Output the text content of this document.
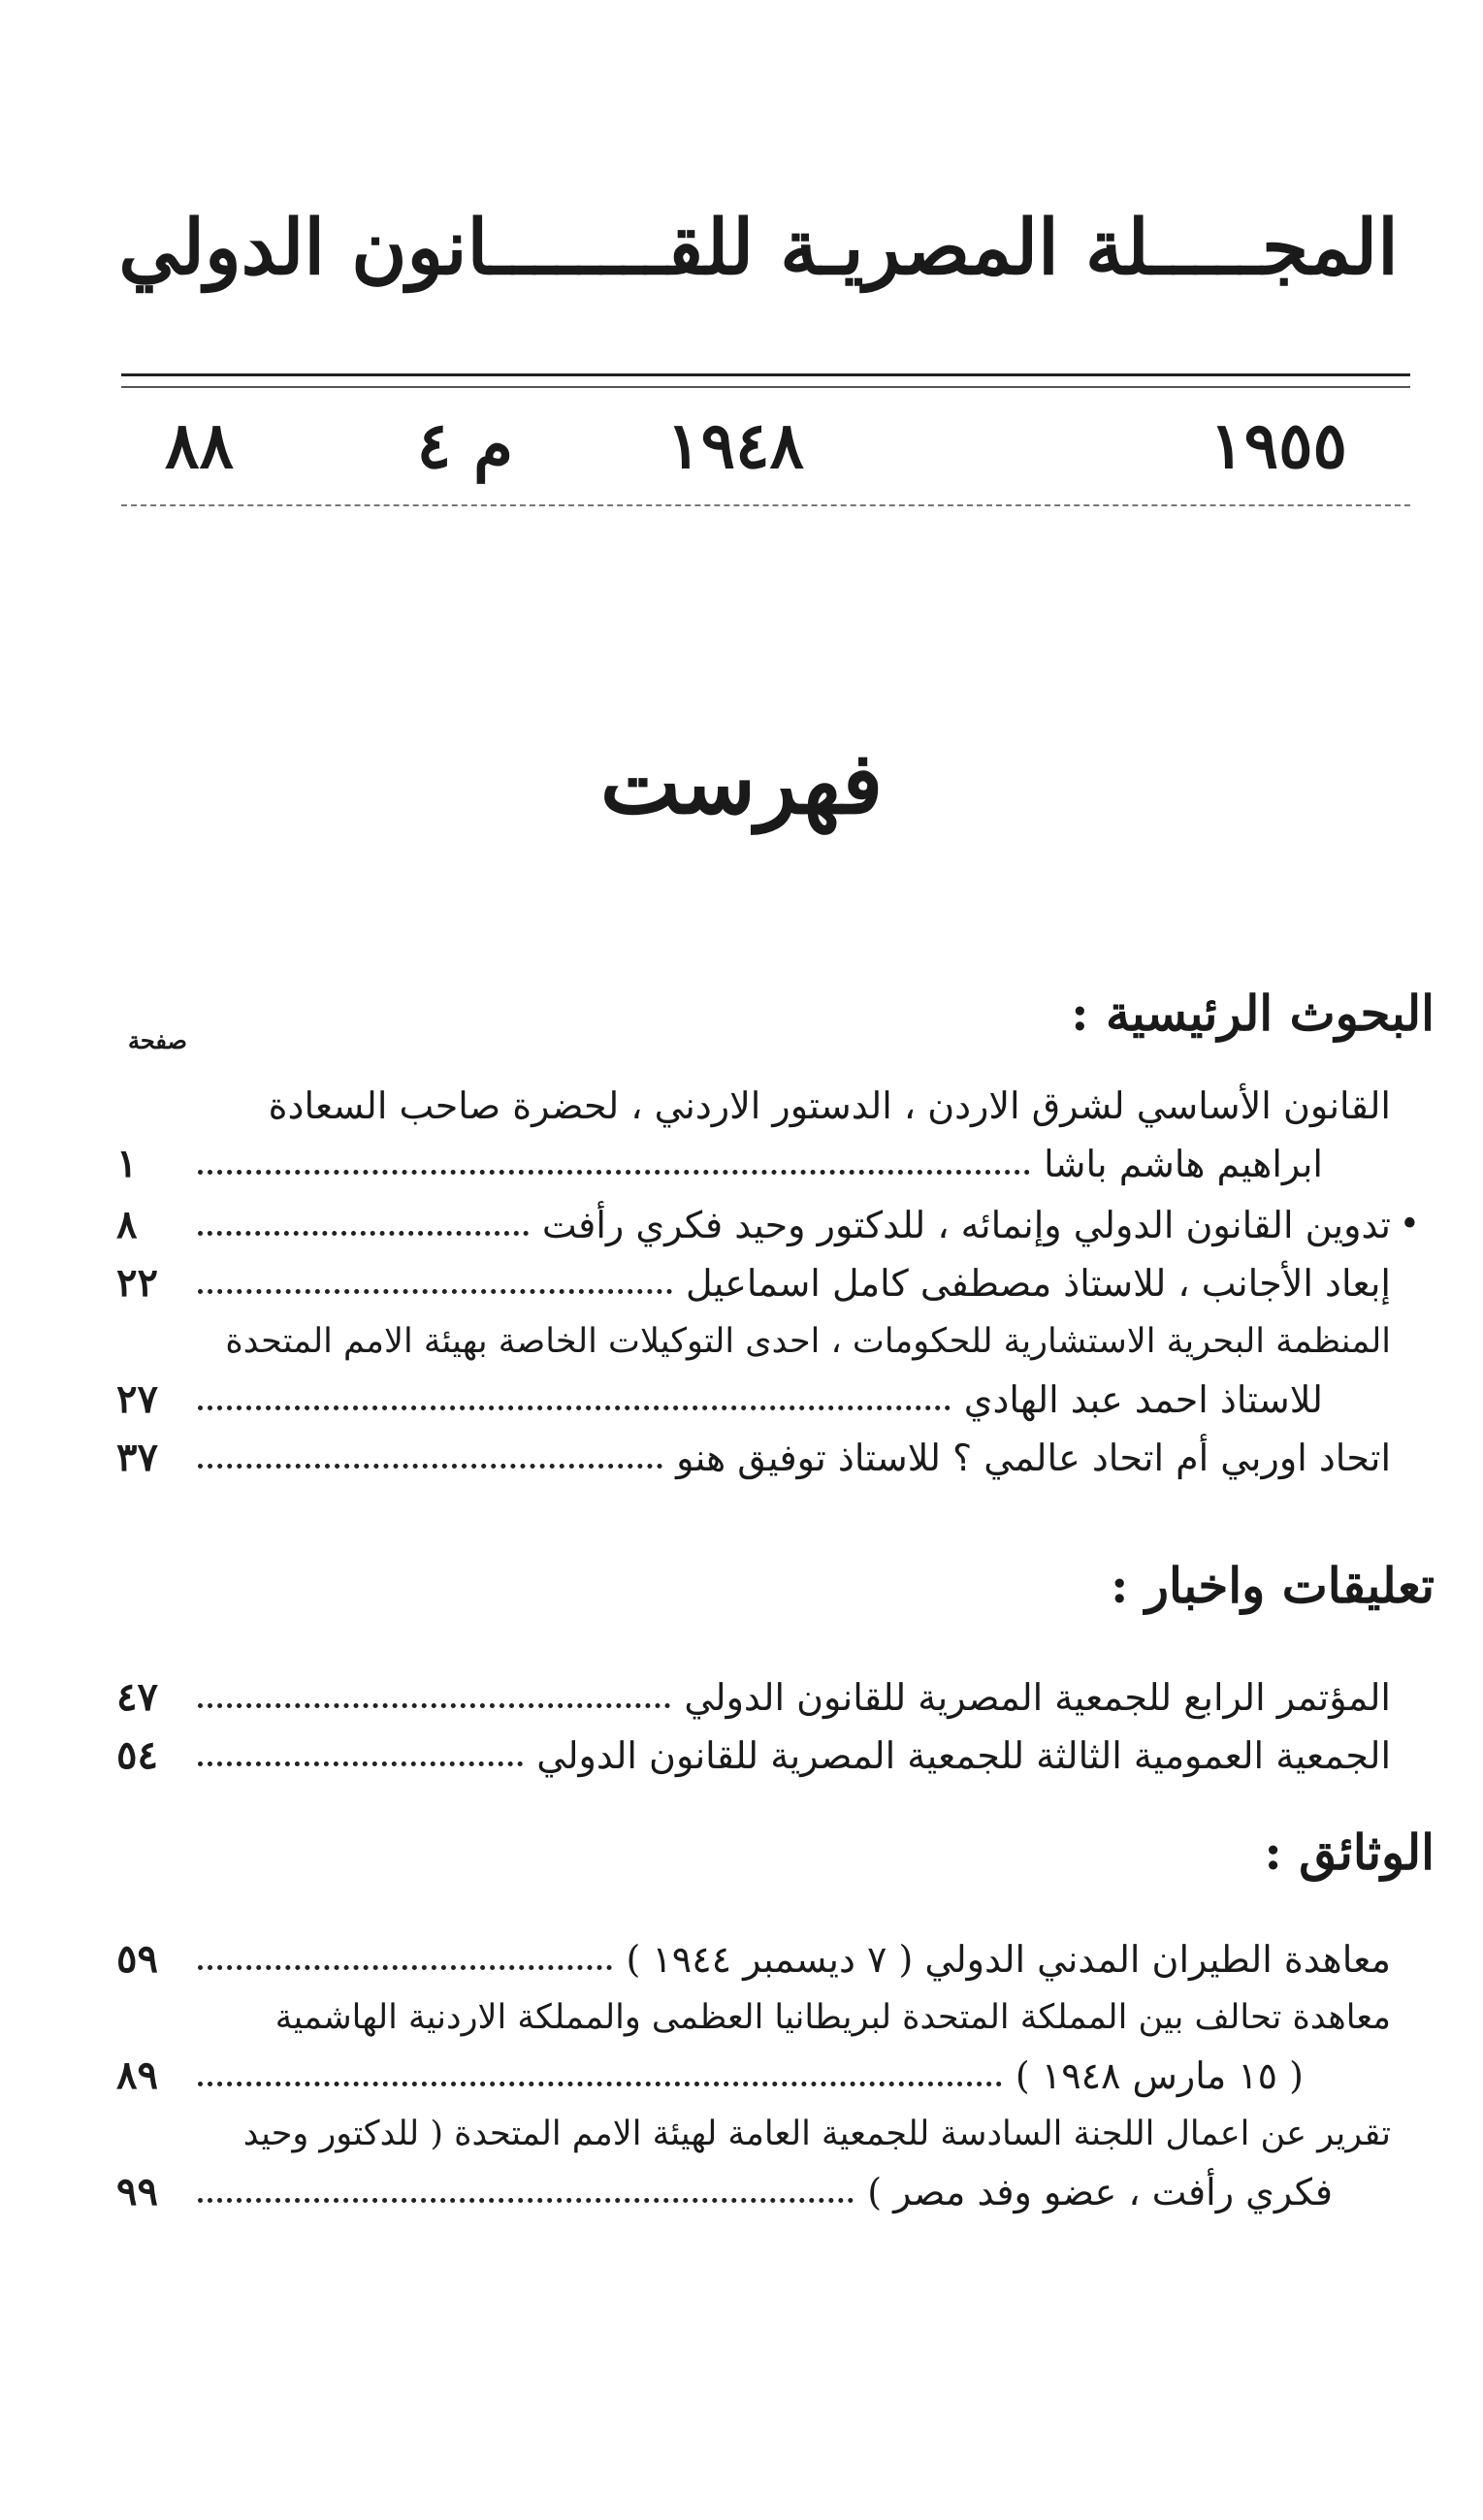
المجـــــلة المصريـة للقــــــــانون الدولي
١٩٥٥
١٩٤٨
م ٤
٨٨
فهرست
البحوث الرئيسية :
صفحة
القانون الأساسي لشرق الاردن ، الدستور الاردني ، لحضرة صاحب السعادة
ابراهيم هاشم باشا
١
•
تدوين القانون الدولي وإنمائه ، للدكتور وحيد فكري رأفت
٨
إبعاد الأجانب ، للاستاذ مصطفى كامل اسماعيل
٢٢
المنظمة البحرية الاستشارية للحكومات ، احدى التوكيلات الخاصة بهيئة الامم المتحدة
للاستاذ احمد عبد الهادي
٢٧
اتحاد اوربي أم اتحاد عالمي ؟ للاستاذ توفيق هنو
٣٧
تعليقات واخبار :
المؤتمر الرابع للجمعية المصرية للقانون الدولي
٤٧
الجمعية العمومية الثالثة للجمعية المصرية للقانون الدولي
٥٤
الوثائق :
معاهدة الطيران المدني الدولي ( ٧ ديسمبر ١٩٤٤ )
٥٩
معاهدة تحالف بين المملكة المتحدة لبريطانيا العظمى والمملكة الاردنية الهاشمية
( ١٥ مارس ١٩٤٨ )
٨٩
تقرير عن اعمال اللجنة السادسة للجمعية العامة لهيئة الامم المتحدة ( للدكتور وحيد
فكري رأفت ، عضو وفد مصر )
٩٩
